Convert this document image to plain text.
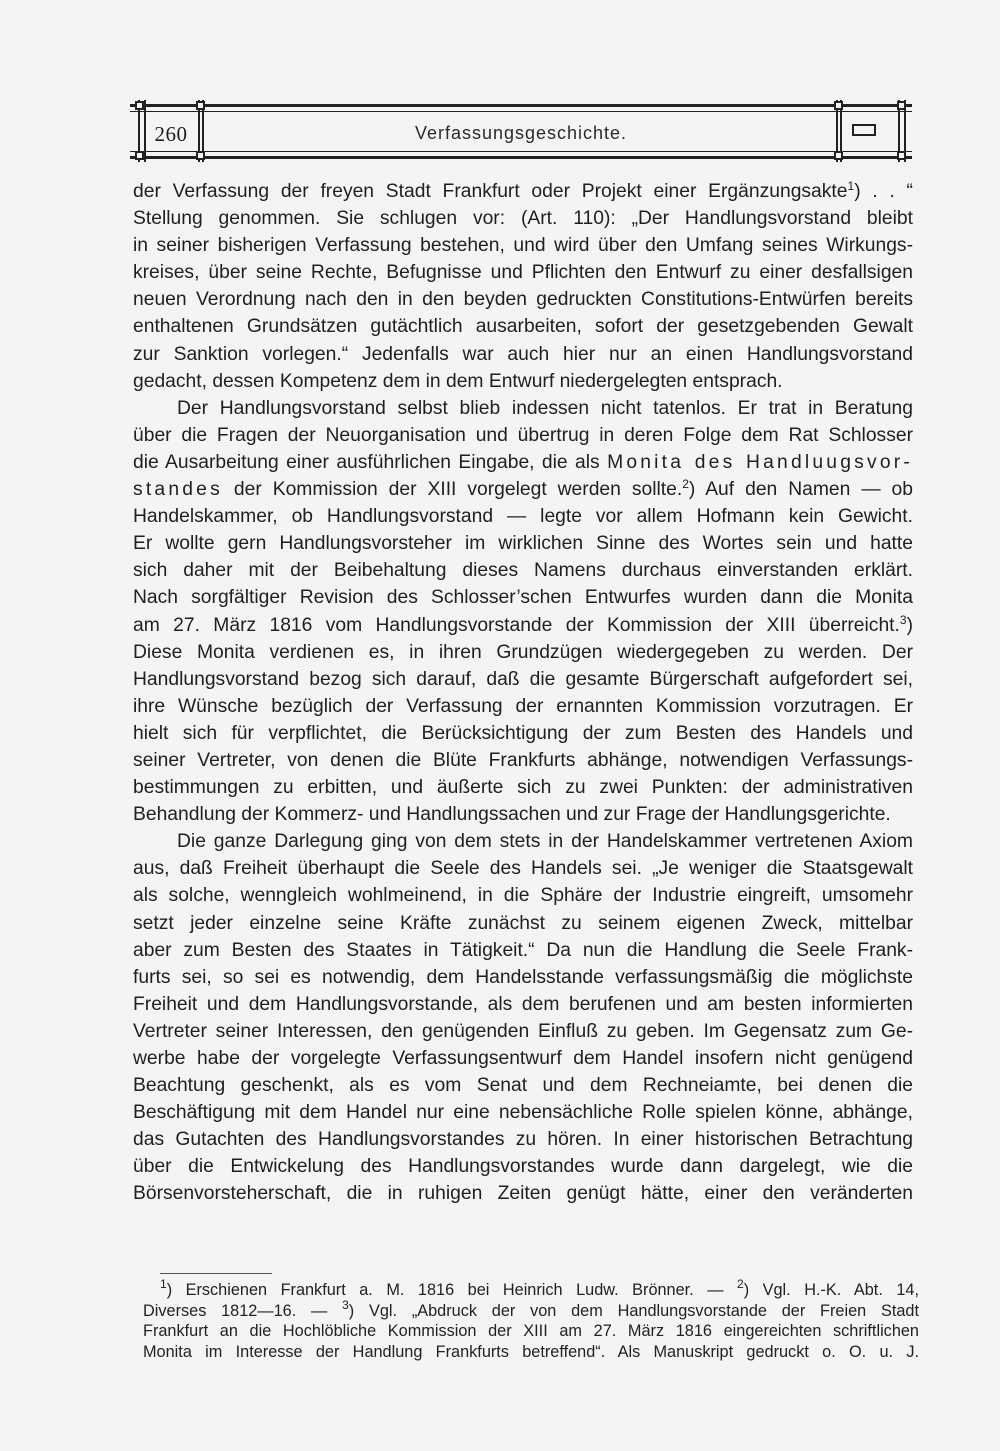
260	Verfassungsgeschichte.

der Verfassung der freyen Stadt Frankfurt oder Projekt einer Ergänzungsakte$^1$) . . “

Stellung genommen. Sie schlugen vor: (Art. 110): „Der Handlungsvorstand bleibt

in seiner bisherigen Verfassung bestehen, und wird über den Umfang seines Wirkungs-

kreises, über seine Rechte, Befugnisse und Pflichten den Entwurf zu einer desfallsigen

neuen Verordnung nach den in den beyden gedruckten Constitutions-Entwürfen bereits

enthaltenen Grundsätzen gutächtlich ausarbeiten, sofort der gesetzgebenden Gewalt

zur Sanktion vorlegen.“ Jedenfalls war auch hier nur an einen Handlungsvorstand

gedacht, dessen Kompetenz dem in dem Entwurf niedergelegten entsprach.

Der Handlungsvorstand selbst blieb indessen nicht tatenlos. Er trat in Beratung

über die Fragen der Neuorganisation und übertrug in deren Folge dem Rat Schlosser

die Ausarbeitung einer ausführlichen Eingabe, die als Monita des Handluugsvor-

standes der Kommission der XIII vorgelegt werden sollte.$^2$) Auf den Namen — ob

Handelskammer, ob Handlungsvorstand — legte vor allem Hofmann kein Gewicht.

Er wollte gern Handlungsvorsteher im wirklichen Sinne des Wortes sein und hatte

sich daher mit der Beibehaltung dieses Namens durchaus einverstanden erklärt.

Nach sorgfältiger Revision des Schlosser’schen Entwurfes wurden dann die Monita

am 27. März 1816 vom Handlungsvorstande der Kommission der XIII überreicht.$^3$)

Diese Monita verdienen es, in ihren Grundzügen wiedergegeben zu werden. Der

Handlungsvorstand bezog sich darauf, daß die gesamte Bürgerschaft aufgefordert sei,

ihre Wünsche bezüglich der Verfassung der ernannten Kommission vorzutragen. Er

hielt sich für verpflichtet, die Berücksichtigung der zum Besten des Handels und

seiner Vertreter, von denen die Blüte Frankfurts abhänge, notwendigen Verfassungs-

bestimmungen zu erbitten, und äußerte sich zu zwei Punkten: der administrativen

Behandlung der Kommerz- und Handlungssachen und zur Frage der Handlungsgerichte.

Die ganze Darlegung ging von dem stets in der Handelskammer vertretenen Axiom

aus, daß Freiheit überhaupt die Seele des Handels sei. „Je weniger die Staatsgewalt

als solche, wenngleich wohlmeinend, in die Sphäre der Industrie eingreift, umsomehr

setzt jeder einzelne seine Kräfte zunächst zu seinem eigenen Zweck, mittelbar

aber zum Besten des Staates in Tätigkeit.“ Da nun die Handlung die Seele Frank-

furts sei, so sei es notwendig, dem Handelsstande verfassungsmäßig die möglichste

Freiheit und dem Handlungsvorstande, als dem berufenen und am besten informierten

Vertreter seiner Interessen, den genügenden Einfluß zu geben. Im Gegensatz zum Ge-

werbe habe der vorgelegte Verfassungsentwurf dem Handel insofern nicht genügend

Beachtung geschenkt, als es vom Senat und dem Rechneiamte, bei denen die

Beschäftigung mit dem Handel nur eine nebensächliche Rolle spielen könne, abhänge,

das Gutachten des Handlungsvorstandes zu hören. In einer historischen Betrachtung

über die Entwickelung des Handlungsvorstandes wurde dann dargelegt, wie die

Börsenvorsteherschaft, die in ruhigen Zeiten genügt hätte, einer den veränderten

$^1$) Erschienen Frankfurt a. M. 1816 bei Heinrich Ludw. Brönner. — $^2$) Vgl. H.-K. Abt. 14,

Diverses 1812—16. — $^3$) Vgl. „Abdruck der von dem Handlungsvorstande der Freien Stadt

Frankfurt an die Hochlöbliche Kommission der XIII am 27. März 1816 eingereichten schriftlichen

Monita im Interesse der Handlung Frankfurts betreffend“. Als Manuskript gedruckt o. O. u. J.
